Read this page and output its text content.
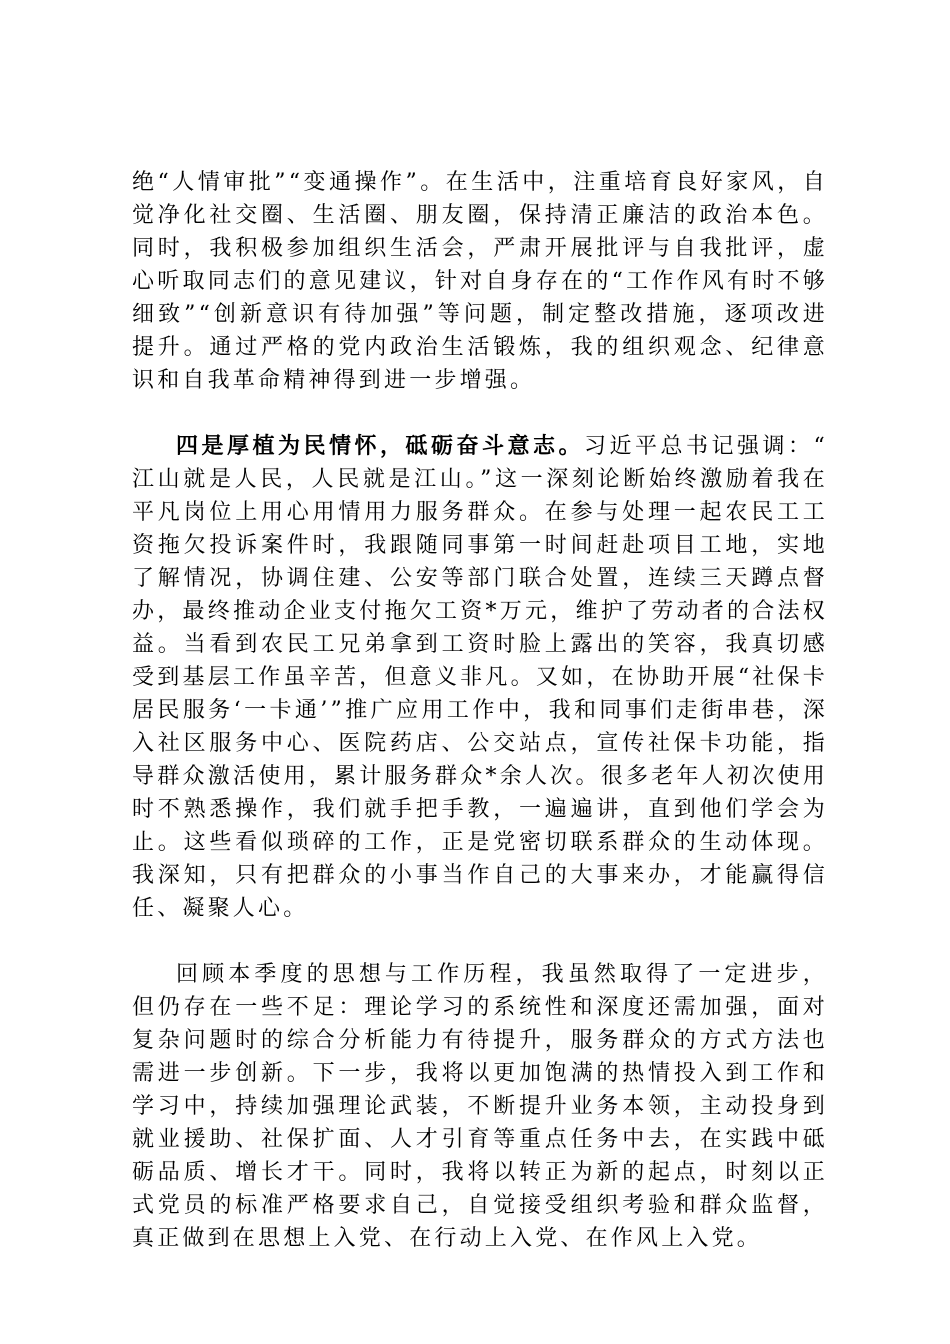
绝“人情审批”“变通操作”。在生活中，注重培育良好家风，自觉净化社交圈、生活圈、朋友圈，保持清正廉洁的政治本色。同时，我积极参加组织生活会，严肃开展批评与自我批评，虚心听取同志们的意见建议，针对自身存在的“工作作风有时不够细致”“创新意识有待加强”等问题，制定整改措施，逐项改进提升。通过严格的党内政治生活锻炼，我的组织观念、纪律意识和自我革命精神得到进一步增强。

四是厚植为民情怀，砥砺奋斗意志。习近平总书记强调：“江山就是人民，人民就是江山。”这一深刻论断始终激励着我在平凡岗位上用心用情用力服务群众。在参与处理一起农民工工资拖欠投诉案件时，我跟随同事第一时间赶赴项目工地，实地了解情况，协调住建、公安等部门联合处置，连续三天蹲点督办，最终推动企业支付拖欠工资*万元，维护了劳动者的合法权益。当看到农民工兄弟拿到工资时脸上露出的笑容，我真切感受到基层工作虽辛苦，但意义非凡。又如，在协助开展“社保卡居民服务‘一卡通’”推广应用工作中，我和同事们走街串巷，深入社区服务中心、医院药店、公交站点，宣传社保卡功能，指导群众激活使用，累计服务群众*余人次。很多老年人初次使用时不熟悉操作，我们就手把手教，一遍遍讲，直到他们学会为止。这些看似琐碎的工作，正是党密切联系群众的生动体现。我深知，只有把群众的小事当作自己的大事来办，才能赢得信任、凝聚人心。

回顾本季度的思想与工作历程，我虽然取得了一定进步，但仍存在一些不足：理论学习的系统性和深度还需加强，面对复杂问题时的综合分析能力有待提升，服务群众的方式方法也需进一步创新。下一步，我将以更加饱满的热情投入到工作和学习中，持续加强理论武装，不断提升业务本领，主动投身到就业援助、社保扩面、人才引育等重点任务中去，在实践中砥砺品质、增长才干。同时，我将以转正为新的起点，时刻以正式党员的标准严格要求自己，自觉接受组织考验和群众监督，真正做到在思想上入党、在行动上入党、在作风上入党。
